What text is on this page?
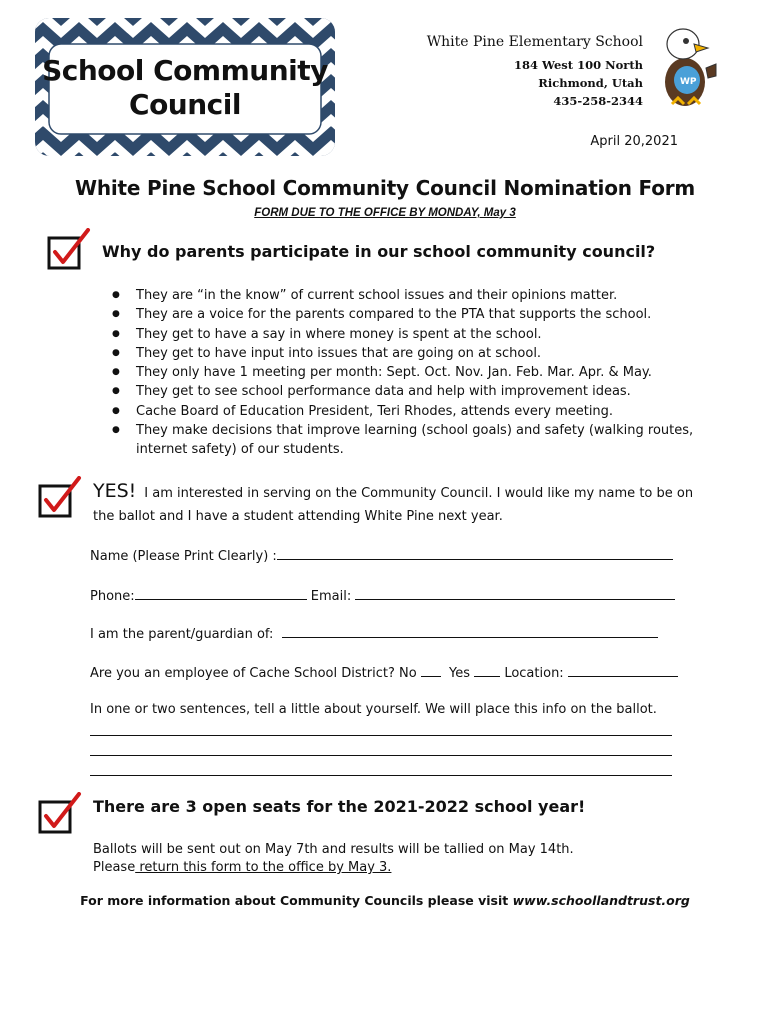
School Community
Council
White Pine Elementary School
184 West 100 North
Richmond, Utah
435-258-2344
WP
April 20,2021
White Pine School Community Council Nomination Form
FORM DUE TO THE OFFICE BY MONDAY, May 3
Why do parents participate in our school community council?
● They are “in the know” of current school issues and their opinions matter.
● They are a voice for the parents compared to the PTA that supports the school.
● They get to have a say in where money is spent at the school.
● They get to have input into issues that are going on at school.
● They only have 1 meeting per month: Sept. Oct. Nov. Jan. Feb. Mar. Apr. & May.
● They get to see school performance data and help with improvement ideas.
● Cache Board of Education President, Teri Rhodes, attends every meeting.
● They make decisions that improve learning (school goals) and safety (walking routes, internet safety) of our students.
YES! I am interested in serving on the Community Council. I would like my name to be on the ballot and I have a student attending White Pine next year.
Name (Please Print Clearly) :
Phone:	Email:
I am the parent/guardian of:
Are you an employee of Cache School District? No   Yes  Location:
In one or two sentences, tell a little about yourself. We will place this info on the ballot.
There are 3 open seats for the 2021-2022 school year!
Ballots will be sent out on May 7th and results will be tallied on May 14th.
Please return this form to the office by May 3.
For more information about Community Councils please visit www.schoollandtrust.org
